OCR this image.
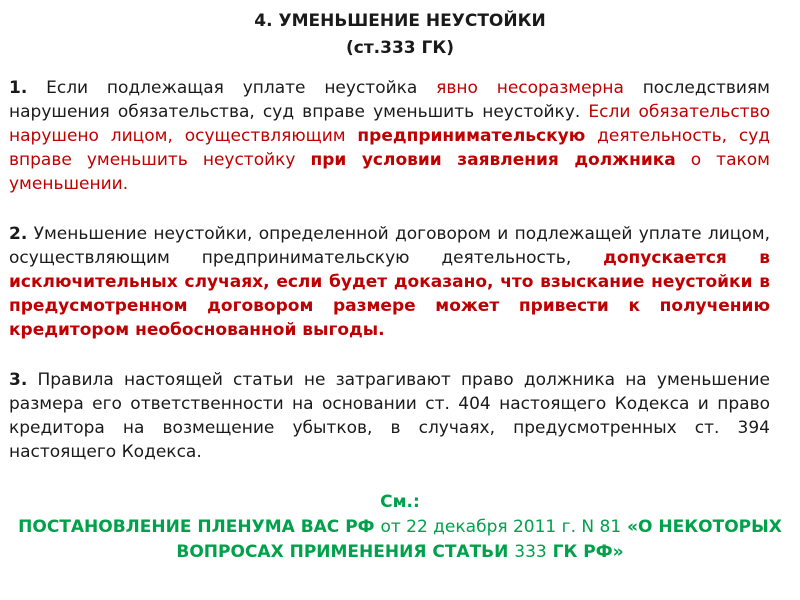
4. УМЕНЬШЕНИЕ НЕУСТОЙКИ
(ст.333 ГК)
1. Если подлежащая уплате неустойка явно несоразмерна последствиям нарушения обязательства, суд вправе уменьшить неустойку. Если обязательство нарушено лицом, осуществляющим предпринимательскую деятельность, суд вправе уменьшить неустойку при условии заявления должника о таком уменьшении.
2. Уменьшение неустойки, определенной договором и подлежащей уплате лицом, осуществляющим предпринимательскую деятельность, допускается в исключительных случаях, если будет доказано, что взыскание неустойки в предусмотренном договором размере может привести к получению кредитором необоснованной выгоды.
3. Правила настоящей статьи не затрагивают право должника на уменьшение размера его ответственности на основании ст. 404 настоящего Кодекса и право кредитора на возмещение убытков, в случаях, предусмотренных ст. 394 настоящего Кодекса.
См.:
ПОСТАНОВЛЕНИЕ ПЛЕНУМА ВАС РФ от 22 декабря 2011 г. N 81 «О НЕКОТОРЫХ ВОПРОСАХ ПРИМЕНЕНИЯ СТАТЬИ 333 ГК РФ»
